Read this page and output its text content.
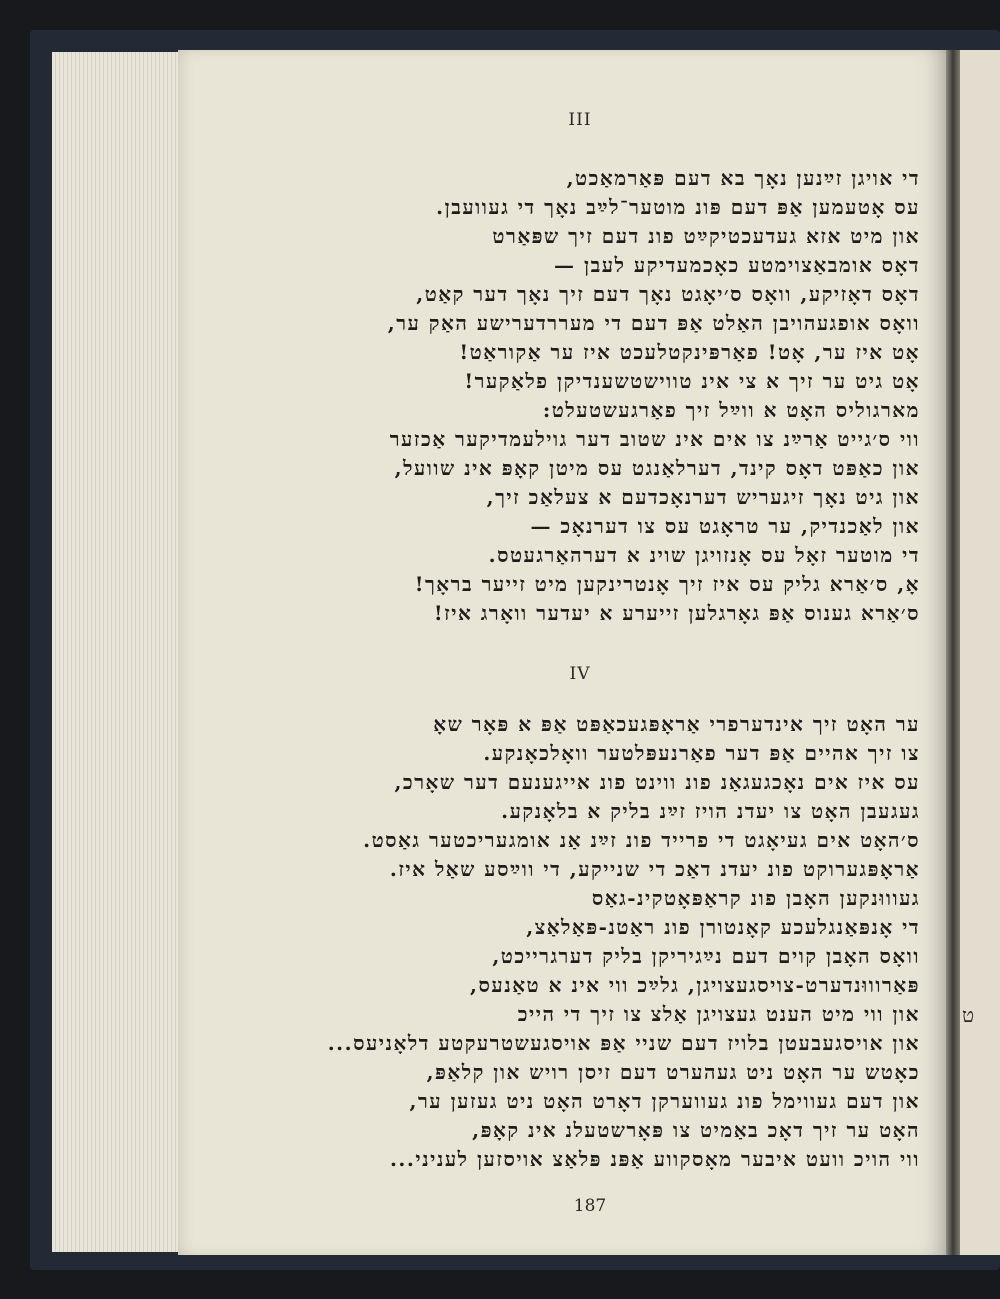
ט
III
די אויגן זײַנען נאָך בא דעם פּאַרמאַכט,
עס אָטעמען אַפּ דעם פּונ מוטער־לײַב נאָך די געוועבן.
און מיט אזא געדעכטיקײַט פונ דעם זיך שפּאַרט
דאָס אומבאַצוימטע כאָכמעדיקע לעבן —
דאָס דאָזיקע, וואָס ס׳יאָגט נאָך דעם זיך נאָך דער קאַט,
וואָס אופגעהויבן האַלט אַפּ דעם די מעררדערישע האַק ער,
אָט איז ער, אָט! פאַרפּינקטלעכט איז ער אַקוראַט!
אָט גיט ער זיך א צי אינ טווישטשענדיקן פלאַקער!
מארגוליס האָט א ווײַל זיך פאַרגעשטעלט:
ווי ס׳גייט אַרײַנ צו אים אינ שטוב דער גוילעמדיקער אַכזער
און כאַפּט דאָס קינד, דערלאַנגט עס מיטן קאָפּ אינ שוועל,
און גיט נאָך זיגעריש דערנאָכדעם א צעלאַכ זיך,
און לאַכנדיק, ער טראָגט עס צו דערנאָכ —
די מוטער זאָל עס אָנזויגן שוינ א דערהאַרגעטס.
אָ, ס׳אַרא גליק עס איז זיך אָנטרינקען מיט זייער בראָך!
ס׳אַרא גענוס אַפּ גאָרגלען זייערע א יעדער וואָרג איז!
IV
ער האָט זיך אינדערפרי אַראָפּגעכאַפּט אַפּ א פּאָר שאָ
צו זיך אהיים אַפּ דער פאַרנעפּלטער וואָלכאָנקע.
עס איז אים נאָכגעגאַנ פונ ווינט פונ אייגענעם דער שאָרכ,
געגעבן האָט צו יעדנ הויז זײַנ בליק א בלאָנקע.
ס׳האָט אים געיאָגט די פרייד פונ זײַנ אַנ אומגעריכטער גאַסט.
אַראָפּגערוקט פונ יעדנ דאַכ די שנייקע, די ווײַסע שאַל איז.
געוווּנקען האָבן פונ קראַפּאָטקינ-גאַס
די אָנפּאַנגלעכע קאָנטורן פונ ראַטנ-פּאַלאַצ,
וואָס האָבן קוים דעם נײַגיריקן בליק דערגרייכט,
פּאַרוווּנדערט-צויסגעצויגן, גלײַכ ווי אינ א טאַנעס,
און ווי מיט הענט געצויגן אַלצ צו זיך די הייכ
און אויסגעבעטן בלויז דעם שניי אַפּ אויסגעשטרעקטע דלאָניעס...
כאָטש ער האָט ניט געהערט דעם זיסן רויש און קלאַפּ,
און דעם געווימל פונ געווערקן דאָרט האָט ניט געזען ער,
האָט ער זיך דאָכ באַמיט צו פּאָרשטעלנ אינ קאָפּ,
ווי הויכ וועט איבער מאָסקווע אַפּנ פּלאַצ אויסזען לעניני...
187
